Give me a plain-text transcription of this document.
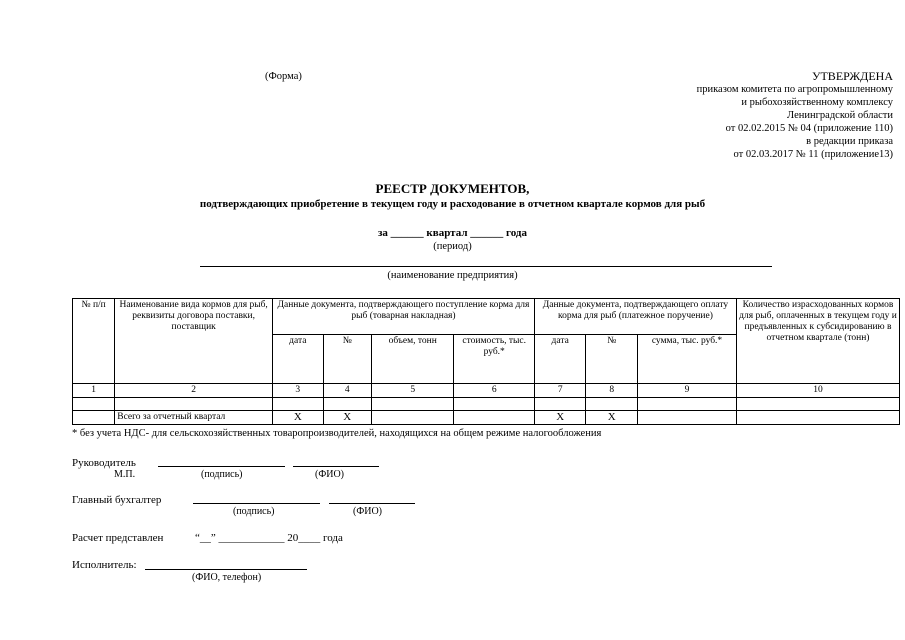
(Форма)	УТВЕРЖДЕНА
приказом комитета по агропромышленному
и рыбохозяйственному комплексу
Ленинградской области
от 02.02.2015 № 04 (приложение 110)
в редакции приказа
от 02.03.2017 № 11 (приложение13)
РЕЕСТР ДОКУМЕНТОВ,
подтверждающих приобретение в текущем году и расходование в отчетном квартале кормов для рыб
за ______ квартал ______ года
(период)
(наименование предприятия)
№ п/п	Наименование вида кормов для рыб, реквизиты договора поставки, поставщик	Данные документа, подтверждающего поступление корма для рыб (товарная накладная)				Данные документа, подтверждающего оплату корма для рыб (платежное поручение)			Количество израсходованных кормов для рыб, оплаченных в текущем году и предъявленных к субсидированию в отчетном квартале (тонн)
		дата	№	объем, тонн	стоимость, тыс. руб.*	дата	№	сумма, тыс. руб.*	
1	2	3	4	5	6	7	8	9	10

	Всего за отчетный квартал	Х	Х			Х	Х		
* без учета НДС- для сельскохозяйственных товаропроизводителей, находящихся на общем режиме налогообложения
Руководитель
М.П.	(подпись)	(ФИО)
Главный бухгалтер
(подпись)	(ФИО)
Расчет представлен	“__” ____________ 20____ года
Исполнитель:
(ФИО, телефон)
